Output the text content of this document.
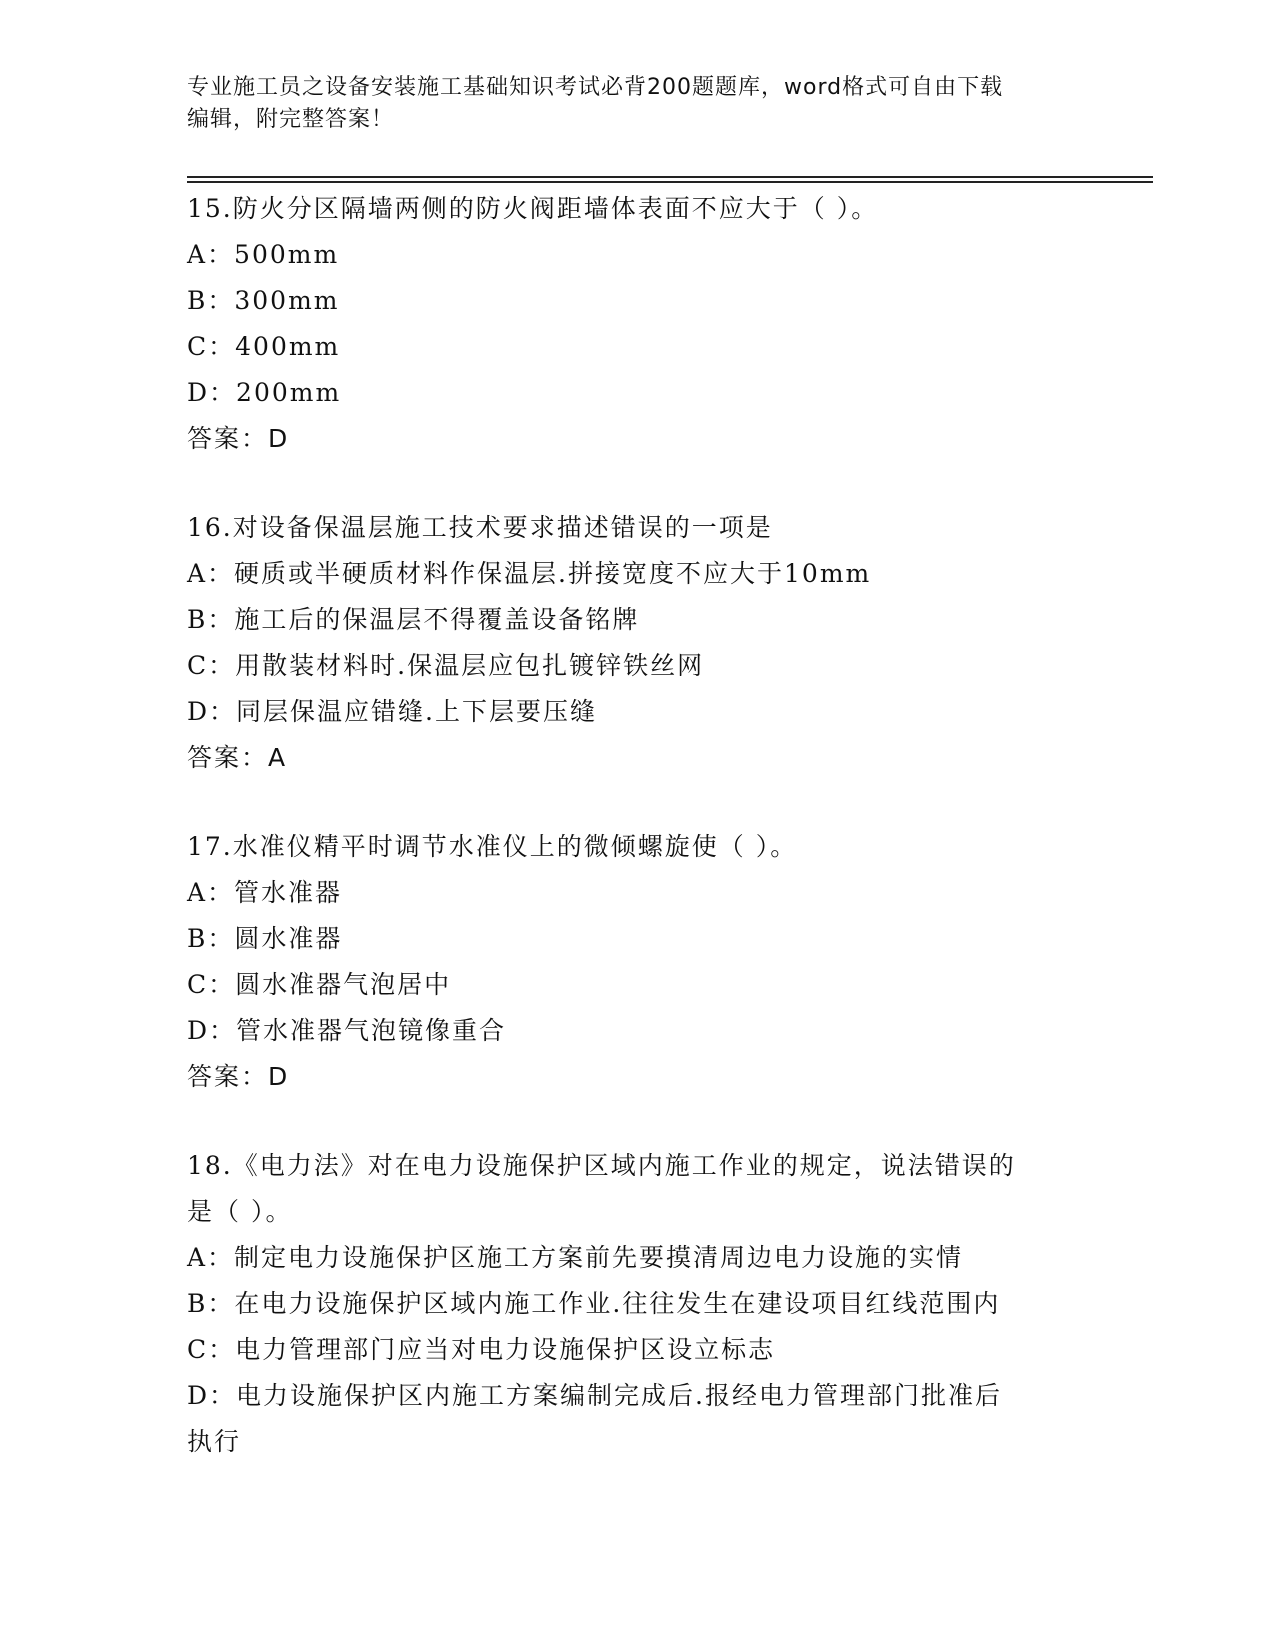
专业施工员之设备安装施工基础知识考试必背200题题库，word格式可自由下载
编辑，附完整答案！
15.防火分区隔墙两侧的防火阀距墙体表面不应大于（ ）。
A：500mm
B：300mm
C：400mm
D：200mm
答案：D
16.对设备保温层施工技术要求描述错误的一项是
A：硬质或半硬质材料作保温层.拼接宽度不应大于10mm
B：施工后的保温层不得覆盖设备铭牌
C：用散装材料时.保温层应包扎镀锌铁丝网
D：同层保温应错缝.上下层要压缝
答案：A
17.水准仪精平时调节水准仪上的微倾螺旋使（ ）。
A：管水准器
B：圆水准器
C：圆水准器气泡居中
D：管水准器气泡镜像重合
答案：D
18.《电力法》对在电力设施保护区域内施工作业的规定，说法错误的
是（ ）。
A：制定电力设施保护区施工方案前先要摸清周边电力设施的实情
B：在电力设施保护区域内施工作业.往往发生在建设项目红线范围内
C：电力管理部门应当对电力设施保护区设立标志
D：电力设施保护区内施工方案编制完成后.报经电力管理部门批准后
执行
